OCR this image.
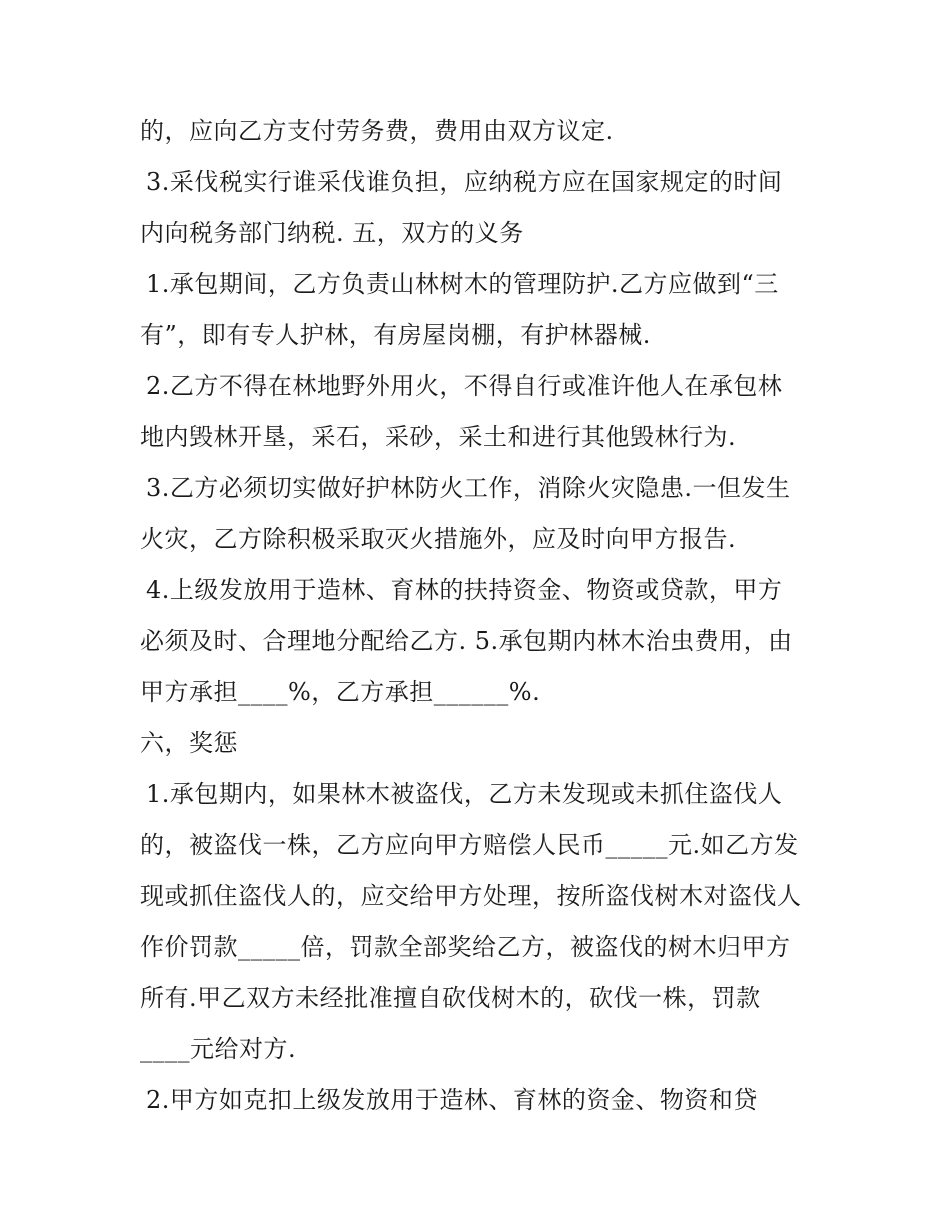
的，应向乙方支付劳务费，费用由双方议定.
3.采伐税实行谁采伐谁负担，应纳税方应在国家规定的时间
内向税务部门纳税. 五，双方的义务
1.承包期间，乙方负责山林树木的管理防护.乙方应做到“三
有”，即有专人护林，有房屋岗棚，有护林器械.
2.乙方不得在林地野外用火，不得自行或准许他人在承包林
地内毁林开垦，采石，采砂，采土和进行其他毁林行为.
3.乙方必须切实做好护林防火工作，消除火灾隐患.一但发生
火灾，乙方除积极采取灭火措施外，应及时向甲方报告.
4.上级发放用于造林、育林的扶持资金、物资或贷款，甲方
必须及时、合理地分配给乙方. 5.承包期内林木治虫费用，由
甲方承担____%，乙方承担______%.
六，奖惩
1.承包期内，如果林木被盗伐，乙方未发现或未抓住盗伐人
的，被盗伐一株，乙方应向甲方赔偿人民币_____元.如乙方发
现或抓住盗伐人的，应交给甲方处理，按所盗伐树木对盗伐人
作价罚款_____倍，罚款全部奖给乙方，被盗伐的树木归甲方
所有.甲乙双方未经批准擅自砍伐树木的，砍伐一株，罚款
____元给对方.
2.甲方如克扣上级发放用于造林、育林的资金、物资和贷
